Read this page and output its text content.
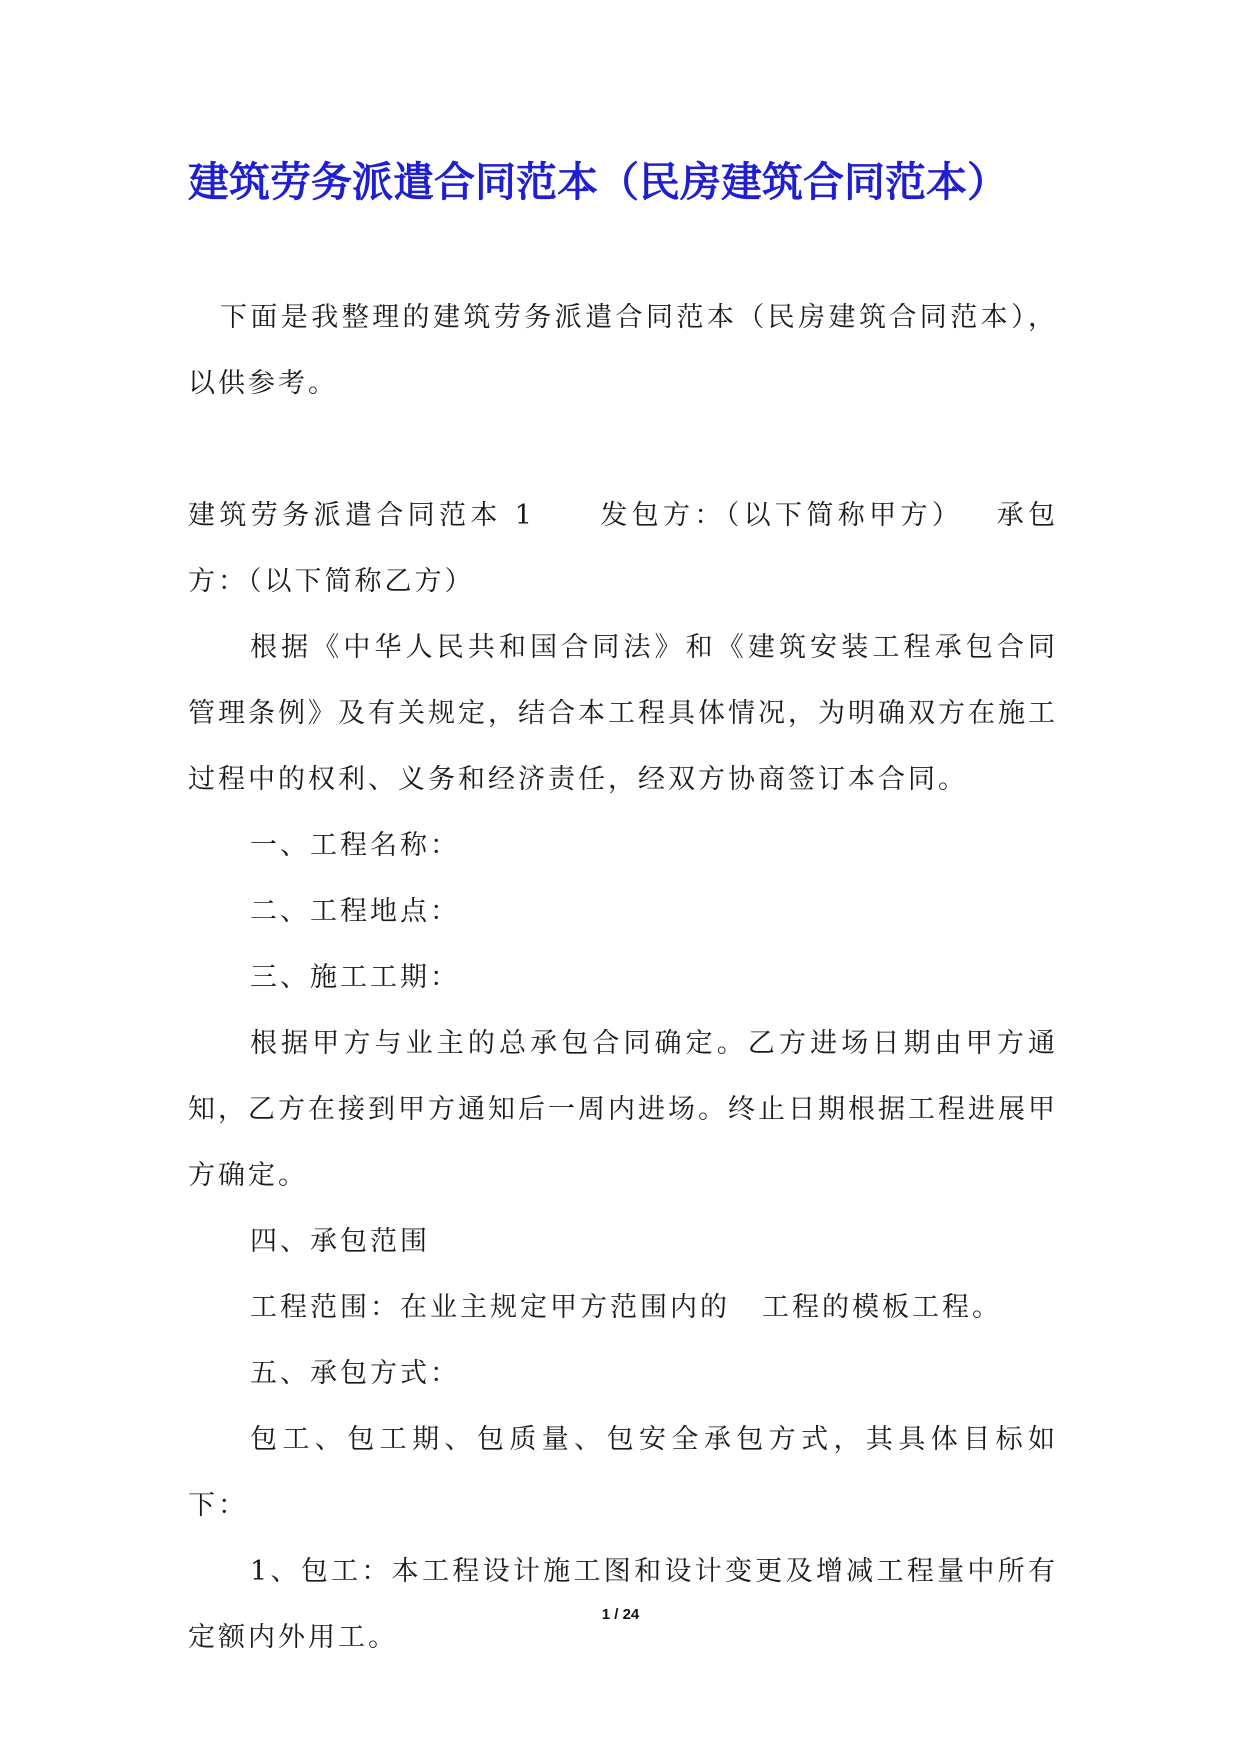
建筑劳务派遣合同范本（民房建筑合同范本）

下面是我整理的建筑劳务派遣合同范本（民房建筑合同范本），以供参考。

建筑劳务派遣合同范本 1 发包方：（以下简称甲方） 承包方：（以下简称乙方）

根据《中华人民共和国合同法》和《建筑安装工程承包合同管理条例》及有关规定，结合本工程具体情况，为明确双方在施工过程中的权利、义务和经济责任，经双方协商签订本合同。

一、工程名称：

二、工程地点：

三、施工工期：

根据甲方与业主的总承包合同确定。乙方进场日期由甲方通知，乙方在接到甲方通知后一周内进场。终止日期根据工程进展甲方确定。

四、承包范围

工程范围：在业主规定甲方范围内的 工程的模板工程。

五、承包方式：

包工、包工期、包质量、包安全承包方式，其具体目标如下：

1、包工：本工程设计施工图和设计变更及增减工程量中所有定额内外用工。

1 / 24
